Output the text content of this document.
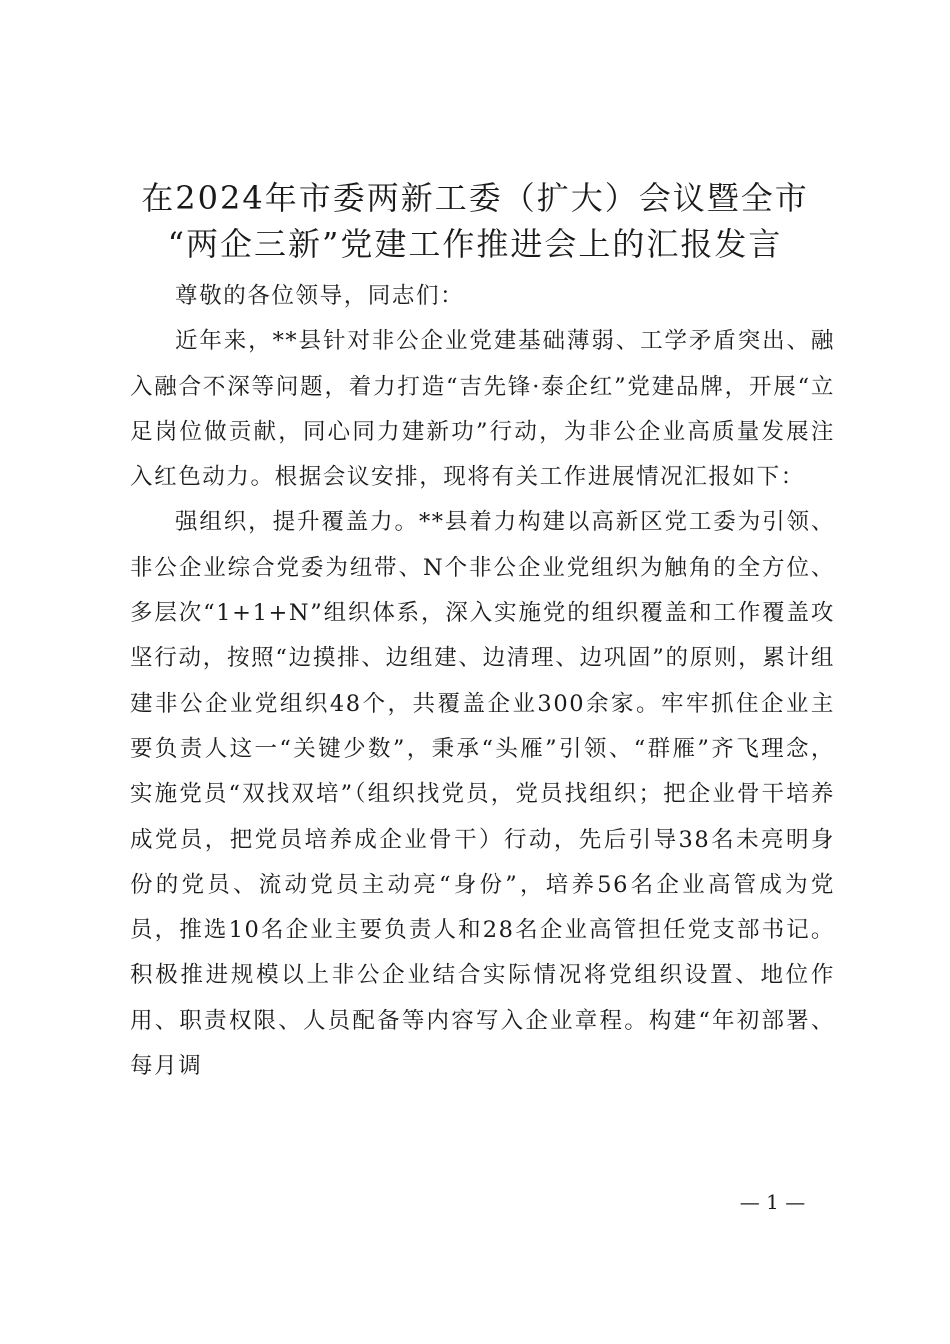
在2024年市委两新工委（扩大）会议暨全市
“两企三新”党建工作推进会上的汇报发言

尊敬的各位领导，同志们：

近年来，**县针对非公企业党建基础薄弱、工学矛盾突出、融入融合不深等问题，着力打造“吉先锋·泰企红”党建品牌，开展“立足岗位做贡献，同心同力建新功”行动，为非公企业高质量发展注入红色动力。根据会议安排，现将有关工作进展情况汇报如下：

强组织，提升覆盖力。**县着力构建以高新区党工委为引领、非公企业综合党委为纽带、N个非公企业党组织为触角的全方位、多层次“1+1+N”组织体系，深入实施党的组织覆盖和工作覆盖攻坚行动，按照“边摸排、边组建、边清理、边巩固”的原则，累计组建非公企业党组织48个，共覆盖企业300余家。牢牢抓住企业主要负责人这一“关键少数”，秉承“头雁”引领、“群雁”齐飞理念，实施党员“双找双培”（组织找党员，党员找组织；把企业骨干培养成党员，把党员培养成企业骨干）行动，先后引导38名未亮明身份的党员、流动党员主动亮“身份”，培养56名企业高管成为党员，推选10名企业主要负责人和28名企业高管担任党支部书记。积极推进规模以上非公企业结合实际情况将党组织设置、地位作用、职责权限、人员配备等内容写入企业章程。构建“年初部署、每月调

— 1 —
